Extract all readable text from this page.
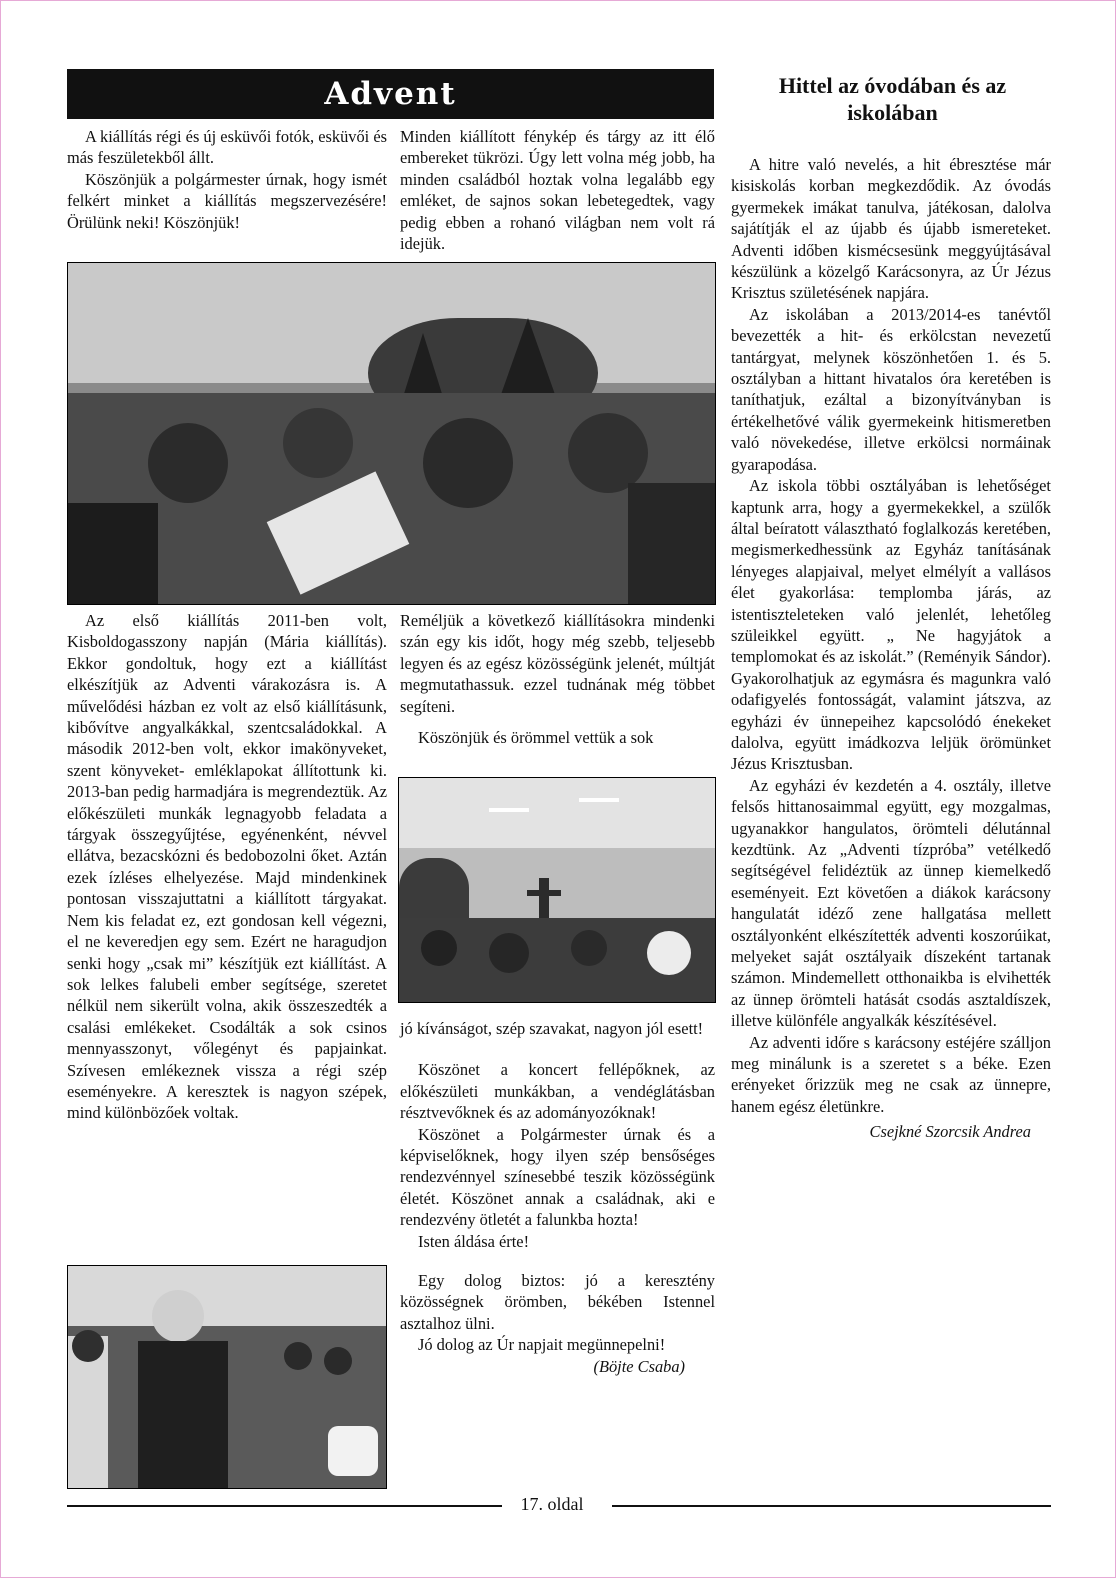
Advent

A kiállítás régi és új esküvői fotók, esküvői és más feszületekből állt.

Köszönjük a polgármester úrnak, hogy ismét felkért minket a kiállítás megszervezésére! Örülünk neki! Köszönjük!

Minden kiállított fénykép és tárgy az itt élő embereket tükrözi. Úgy lett volna még jobb, ha minden családból hoztak volna legalább egy emléket, de sajnos sokan lebetegedtek, vagy pedig ebben a rohanó világban nem volt rá idejük.

Az első kiállítás 2011-ben volt, Kisboldogasszony napján (Mária kiállítás). Ekkor gondoltuk, hogy ezt a kiállítást elkészítjük az Adventi várakozásra is. A művelődési házban ez volt az első kiállításunk, kibővítve angyalkákkal, szentcsaládokkal. A második 2012-ben volt, ekkor imakönyveket, szent könyveket- emléklapokat állítottunk ki. 2013-ban pedig harmadjára is megrendeztük. Az előkészületi munkák legnagyobb feladata a tárgyak összegyűjtése, egyénenként, névvel ellátva, bezacskózni és bedobozolni őket. Aztán ezek ízléses elhelyezése. Majd mindenkinek pontosan visszajuttatni a kiállított tárgyakat. Nem kis feladat ez, ezt gondosan kell végezni, el ne keveredjen egy sem. Ezért ne haragudjon senki hogy „csak mi” készítjük ezt kiállítást. A sok lelkes falubeli ember segítsége, szeretet nélkül nem sikerült volna, akik összeszedték a csalási emlékeket. Csodálták a sok csinos mennyasszonyt, vőlegényt és papjainkat. Szívesen emlékeznek vissza a régi szép eseményekre. A keresztek is nagyon szépek, mind különbözőek voltak.

Reméljük a következő kiállításokra mindenki szán egy kis időt, hogy még szebb, teljesebb legyen és az egész közösségünk jelenét, múltját megmutathassuk. ezzel tudnának még többet segíteni.

Köszönjük és örömmel vettük a sok

jó kívánságot, szép szavakat, nagyon jól esett!

Köszönet a koncert fellépőknek, az előkészületi munkákban, a vendéglátásban résztvevőknek és az adományozóknak!

Köszönet a Polgármester úrnak és a képviselőknek, hogy ilyen szép bensőséges rendezvénnyel színesebbé teszik közösségünk életét. Köszönet annak a családnak, aki e rendezvény ötletét a falunkba hozta!

Isten áldása érte!

Egy dolog biztos: jó a keresztény közösségnek örömben, békében Istennel asztalhoz ülni.

Jó dolog az Úr napjait megünnepelni!

(Böjte Csaba)

Hittel az óvodában és az iskolában

A hitre való nevelés, a hit ébresztése már kisiskolás korban megkezdődik. Az óvodás gyermekek imákat tanulva, játékosan, dalolva sajátítják el az újabb és újabb ismereteket. Adventi időben kismécsesünk meggyújtásával készülünk a közelgő Karácsonyra, az Úr Jézus Krisztus születésének napjára.

Az iskolában a 2013/2014-es tanévtől bevezették a hit- és erkölcstan nevezetű tantárgyat, melynek köszönhetően 1. és 5. osztályban a hittant hivatalos óra keretében is taníthatjuk, ezáltal a bizonyítványban is értékelhetővé válik gyermekeink hitismeretben való növekedése, illetve erkölcsi normáinak gyarapodása.

Az iskola többi osztályában is lehetőséget kaptunk arra, hogy a gyermekekkel, a szülők által beíratott választható foglalkozás keretében, megismerkedhessünk az Egyház tanításának lényeges alapjaival, melyet elmélyít a vallásos élet gyakorlása: templomba járás, az istentiszteleteken való jelenlét, lehetőleg szüleikkel együtt. „ Ne hagyjátok a templomokat és az iskolát.” (Reményik Sándor). Gyakorolhatjuk az egymásra és magunkra való odafigyelés fontosságát, valamint játszva, az egyházi év ünnepeihez kapcsolódó énekeket dalolva, együtt imádkozva leljük örömünket Jézus Krisztusban.

Az egyházi év kezdetén a 4. osztály, illetve felsős hittanosaimmal együtt, egy mozgalmas, ugyanakkor hangulatos, örömteli délutánnal kezdtünk. Az „Adventi tízpróba” vetélkedő segítségével felidéztük az ünnep kiemelkedő eseményeit. Ezt követően a diákok karácsony hangulatát idéző zene hallgatása mellett osztályonként elkészítették adventi koszorúikat, melyeket saját osztályaik díszeként tartanak számon. Mindemellett otthonaikba is elvihették az ünnep örömteli hatását csodás asztaldíszek, illetve különféle angyalkák készítésével.

Az adventi időre s karácsony estéjére szálljon meg minálunk is a szeretet s a béke. Ezen erényeket őrizzük meg ne csak az ünnepre, hanem egész életünkre.

Csejkné Szorcsik Andrea

17. oldal
